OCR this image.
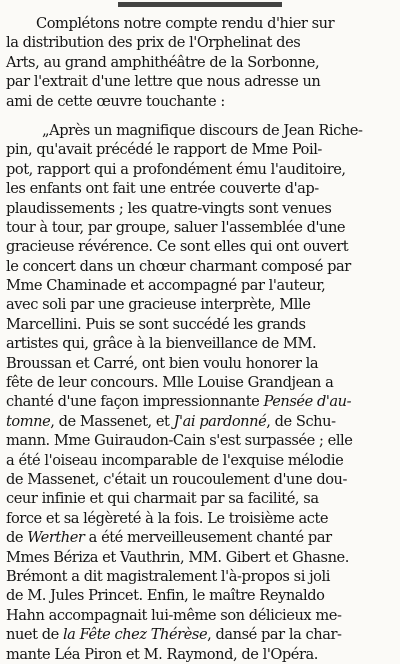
Complétons notre compte rendu d'hier sur
la distribution des prix de l'Orphelinat des
Arts, au grand amphithéâtre de la Sorbonne,
par l'extrait d'une lettre que nous adresse un
ami de cette œuvre touchante :
„Après un magnifique discours de Jean Riche-
pin, qu'avait précédé le rapport de Mme Poil-
pot, rapport qui a profondément ému l'auditoire,
les enfants ont fait une entrée couverte d'ap-
plaudissements ; les quatre-vingts sont venues
tour à tour, par groupe, saluer l'assemblée d'une
gracieuse révérence. Ce sont elles qui ont ouvert
le concert dans un chœur charmant composé par
Mme Chaminade et accompagné par l'auteur,
avec soli par une gracieuse interprète, Mlle
Marcellini. Puis se sont succédé les grands
artistes qui, grâce à la bienveillance de MM.
Broussan et Carré, ont bien voulu honorer la
fête de leur concours. Mlle Louise Grandjean a
chanté d'une façon impressionnante Pensée d'au-
tomne, de Massenet, et J'ai pardonné, de Schu-
mann. Mme Guiraudon-Cain s'est surpassée ; elle
a été l'oiseau incomparable de l'exquise mélodie
de Massenet, c'était un roucoulement d'une dou-
ceur infinie et qui charmait par sa facilité, sa
force et sa légèreté à la fois. Le troisième acte
de Werther a été merveilleusement chanté par
Mmes Bériza et Vauthrin, MM. Gibert et Ghasne.
Brémont a dit magistralement l'à-propos si joli
de M. Jules Princet. Enfin, le maître Reynaldo
Hahn accompagnait lui-même son délicieux me-
nuet de la Fête chez Thérèse, dansé par la char-
mante Léa Piron et M. Raymond, de l'Opéra.
